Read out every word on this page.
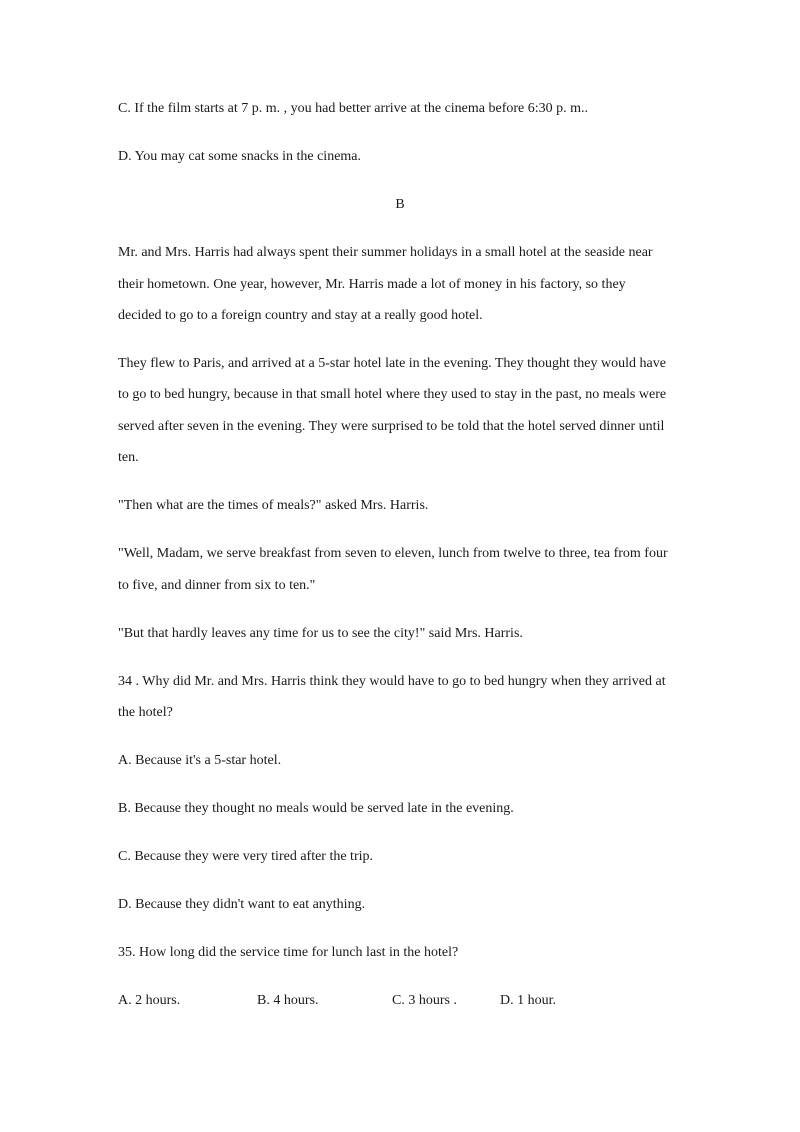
C. If the film starts at 7 p. m. , you had better arrive at the cinema before 6:30 p. m..

D. You may cat some snacks in the cinema.

B

Mr. and Mrs. Harris had always spent their summer holidays in a small hotel at the seaside near

their hometown. One year, however, Mr. Harris made a lot of money in his factory, so they

decided to go to a foreign country and stay at a really good hotel.

They flew to Paris, and arrived at a 5-star hotel late in the evening. They thought they would have

to go to bed hungry, because in that small hotel where they used to stay in the past, no meals were

served after seven in the evening. They were surprised to be told that the hotel served dinner until

ten.

"Then what are the times of meals?" asked Mrs. Harris.

"Well, Madam, we serve breakfast from seven to eleven, lunch from twelve to three, tea from four

to five, and dinner from six to ten."

"But that hardly leaves any time for us to see the city!" said Mrs. Harris.

34 . Why did Mr. and Mrs. Harris think they would have to go to bed hungry when they arrived at

the hotel?

A. Because it's a 5-star hotel.

B. Because they thought no meals would be served late in the evening.

C. Because they were very tired after the trip.

D. Because they didn't want to eat anything.

35. How long did the service time for lunch last in the hotel?

A. 2 hours.	B. 4 hours.	C. 3 hours .	D. 1 hour.
